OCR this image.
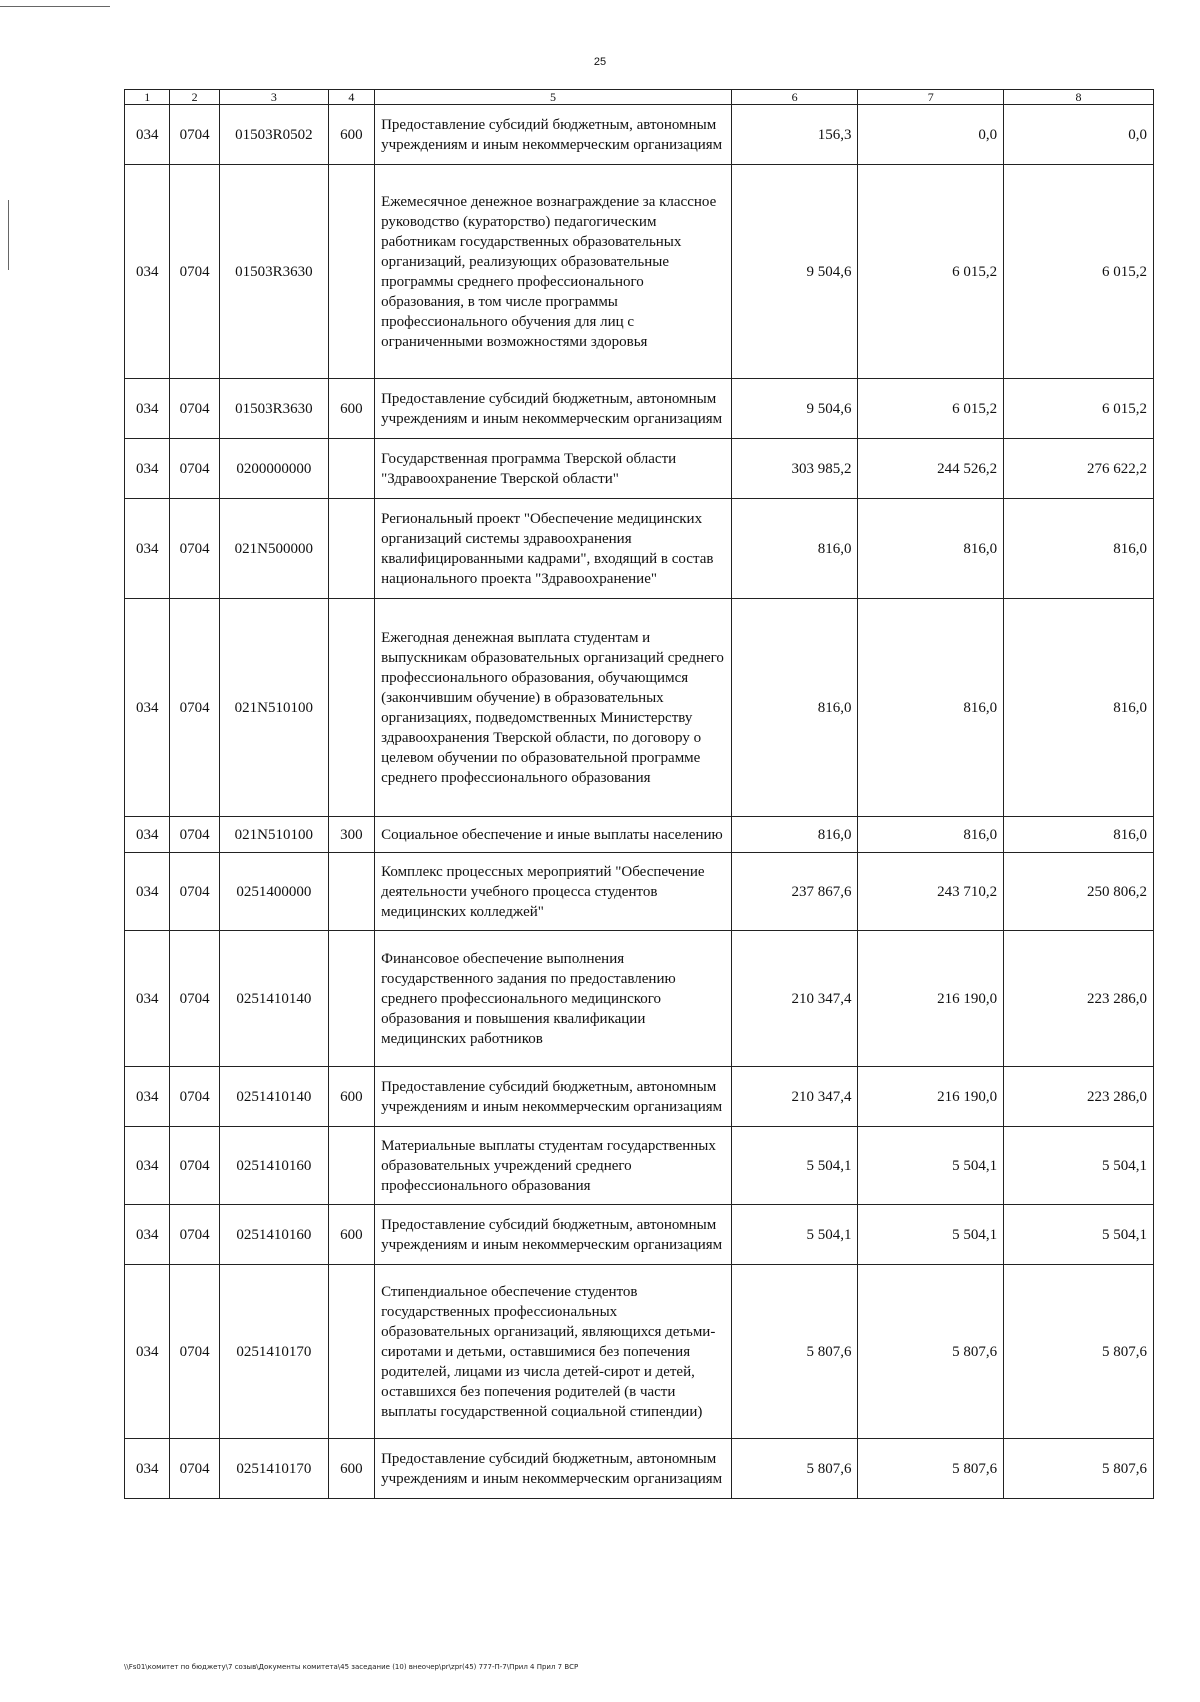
25
1	2	3	4	5	6	7	8
034	0704	01503R0502	600	Предоставление субсидий бюджетным, автономным учреждениям и иным некоммерческим организациям	156,3	0,0	0,0
034	0704	01503R3630		Ежемесячное денежное вознаграждение за классное руководство (кураторство) педагогическим работникам государственных образовательных организаций, реализующих образовательные программы среднего профессионального образования, в том числе программы профессионального обучения для лиц с ограниченными возможностями здоровья	9 504,6	6 015,2	6 015,2
034	0704	01503R3630	600	Предоставление субсидий бюджетным, автономным учреждениям и иным некоммерческим организациям	9 504,6	6 015,2	6 015,2
034	0704	0200000000		Государственная программа Тверской области "Здравоохранение Тверской области"	303 985,2	244 526,2	276 622,2
034	0704	021N500000		Региональный проект "Обеспечение медицинских организаций системы здравоохранения квалифицированными кадрами", входящий в состав национального проекта "Здравоохранение"	816,0	816,0	816,0
034	0704	021N510100		Ежегодная денежная выплата студентам и выпускникам образовательных организаций среднего профессионального образования, обучающимся (закончившим обучение) в образовательных организациях, подведомственных Министерству здравоохранения Тверской области, по договору о целевом обучении по образовательной программе среднего профессионального образования	816,0	816,0	816,0
034	0704	021N510100	300	Социальное обеспечение и иные выплаты населению	816,0	816,0	816,0
034	0704	0251400000		Комплекс процессных мероприятий "Обеспечение деятельности учебного процесса студентов медицинских колледжей"	237 867,6	243 710,2	250 806,2
034	0704	0251410140		Финансовое обеспечение выполнения государственного задания по предоставлению среднего профессионального медицинского образования и повышения квалификации медицинских работников	210 347,4	216 190,0	223 286,0
034	0704	0251410140	600	Предоставление субсидий бюджетным, автономным учреждениям и иным некоммерческим организациям	210 347,4	216 190,0	223 286,0
034	0704	0251410160		Материальные выплаты студентам государственных образовательных учреждений среднего профессионального образования	5 504,1	5 504,1	5 504,1
034	0704	0251410160	600	Предоставление субсидий бюджетным, автономным учреждениям и иным некоммерческим организациям	5 504,1	5 504,1	5 504,1
034	0704	0251410170		Стипендиальное обеспечение студентов государственных профессиональных образовательных организаций, являющихся детьми-сиротами и детьми, оставшимися без попечения родителей, лицами из числа детей-сирот и детей, оставшихся без попечения родителей (в части выплаты государственной социальной стипендии)	5 807,6	5 807,6	5 807,6
034	0704	0251410170	600	Предоставление субсидий бюджетным, автономным учреждениям и иным некоммерческим организациям	5 807,6	5 807,6	5 807,6
\\Fs01\комитет по бюджету\7 созыв\Документы комитета\45 заседание (10) внеочер\pr\zpr(45) 777-П-7\Прил 4 Прил 7 ВСР
